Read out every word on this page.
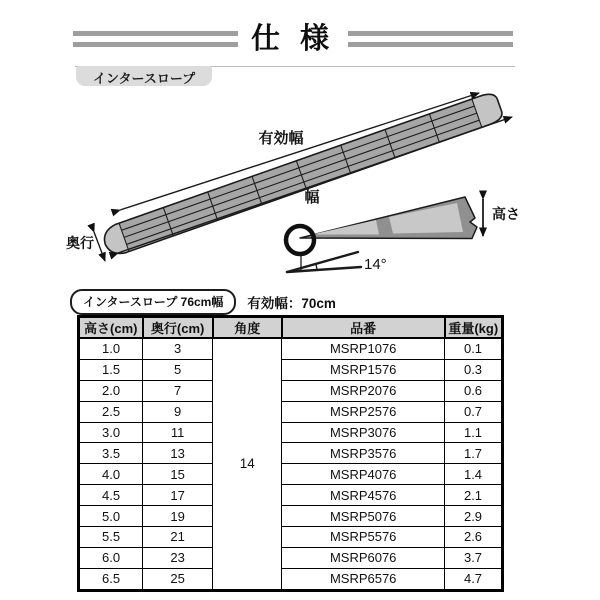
仕 様
インタースロープ
有効幅
幅
奥行
14°
高さ
インタースロープ 76cm幅	有効幅：70cm
高さ(cm)	奥行(cm)	角度	品番	重量(kg)
1.0	3	14	MSRP1076	0.1
1.5	5		MSRP1576	0.3
2.0	7		MSRP2076	0.6
2.5	9		MSRP2576	0.7
3.0	11		MSRP3076	1.1
3.5	13		MSRP3576	1.7
4.0	15		MSRP4076	1.4
4.5	17		MSRP4576	2.1
5.0	19		MSRP5076	2.9
5.5	21		MSRP5576	2.6
6.0	23		MSRP6076	3.7
6.5	25		MSRP6576	4.7
